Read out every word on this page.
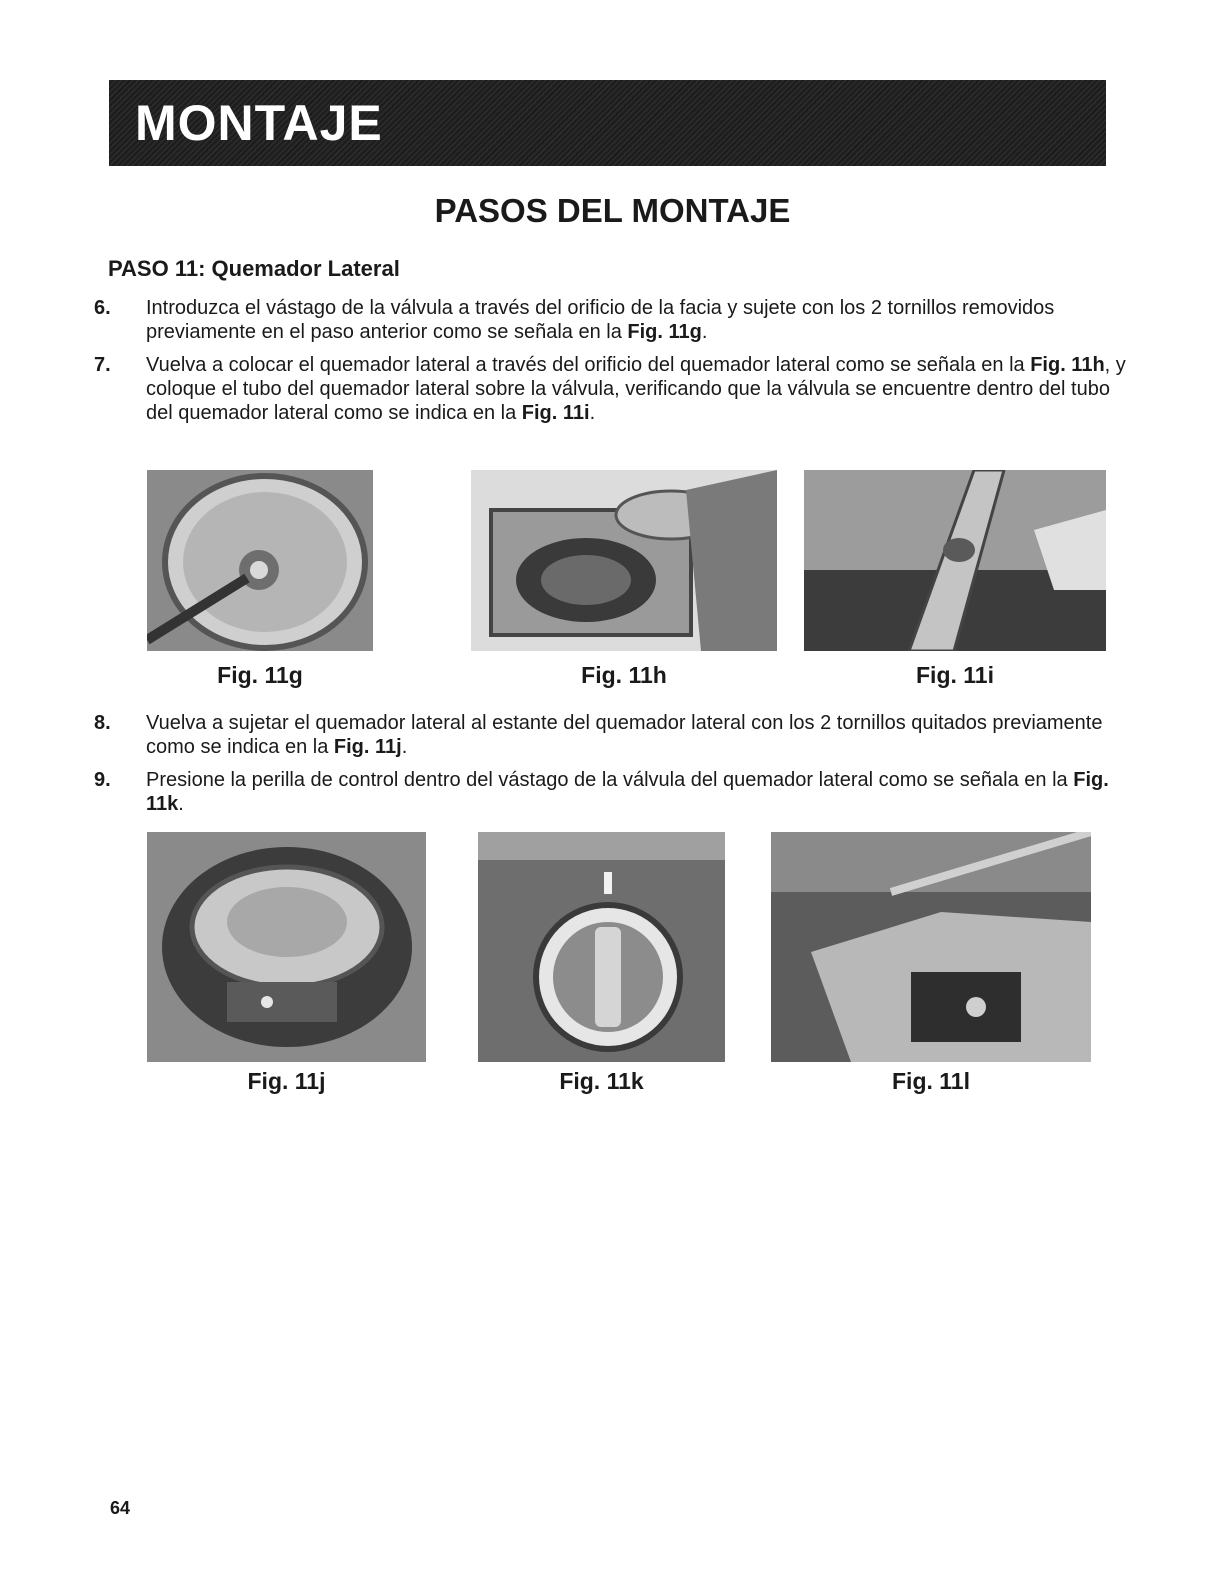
MONTAJE
PASOS DEL MONTAJE
PASO 11: Quemador Lateral
6. Introduzca el vástago de la válvula a través del orificio de la facia y sujete con los 2 tornillos removidos previamente en el paso anterior como se señala en la Fig. 11g.
7. Vuelva a colocar el quemador lateral a través del orificio del quemador lateral como se señala en la Fig. 11h, y coloque el tubo del quemador lateral sobre la válvula, verificando que la válvula se encuentre dentro del tubo del quemador lateral como se indica en la Fig. 11i.
Fig. 11g	Fig. 11h	Fig. 11i
8. Vuelva a sujetar el quemador lateral al estante del quemador lateral con los 2 tornillos quitados previamente como se indica en la Fig. 11j.
9. Presione la perilla de control dentro del vástago de la válvula del quemador lateral como se señala en la Fig. 11k.
Fig. 11j	Fig. 11k	Fig. 11l
64
